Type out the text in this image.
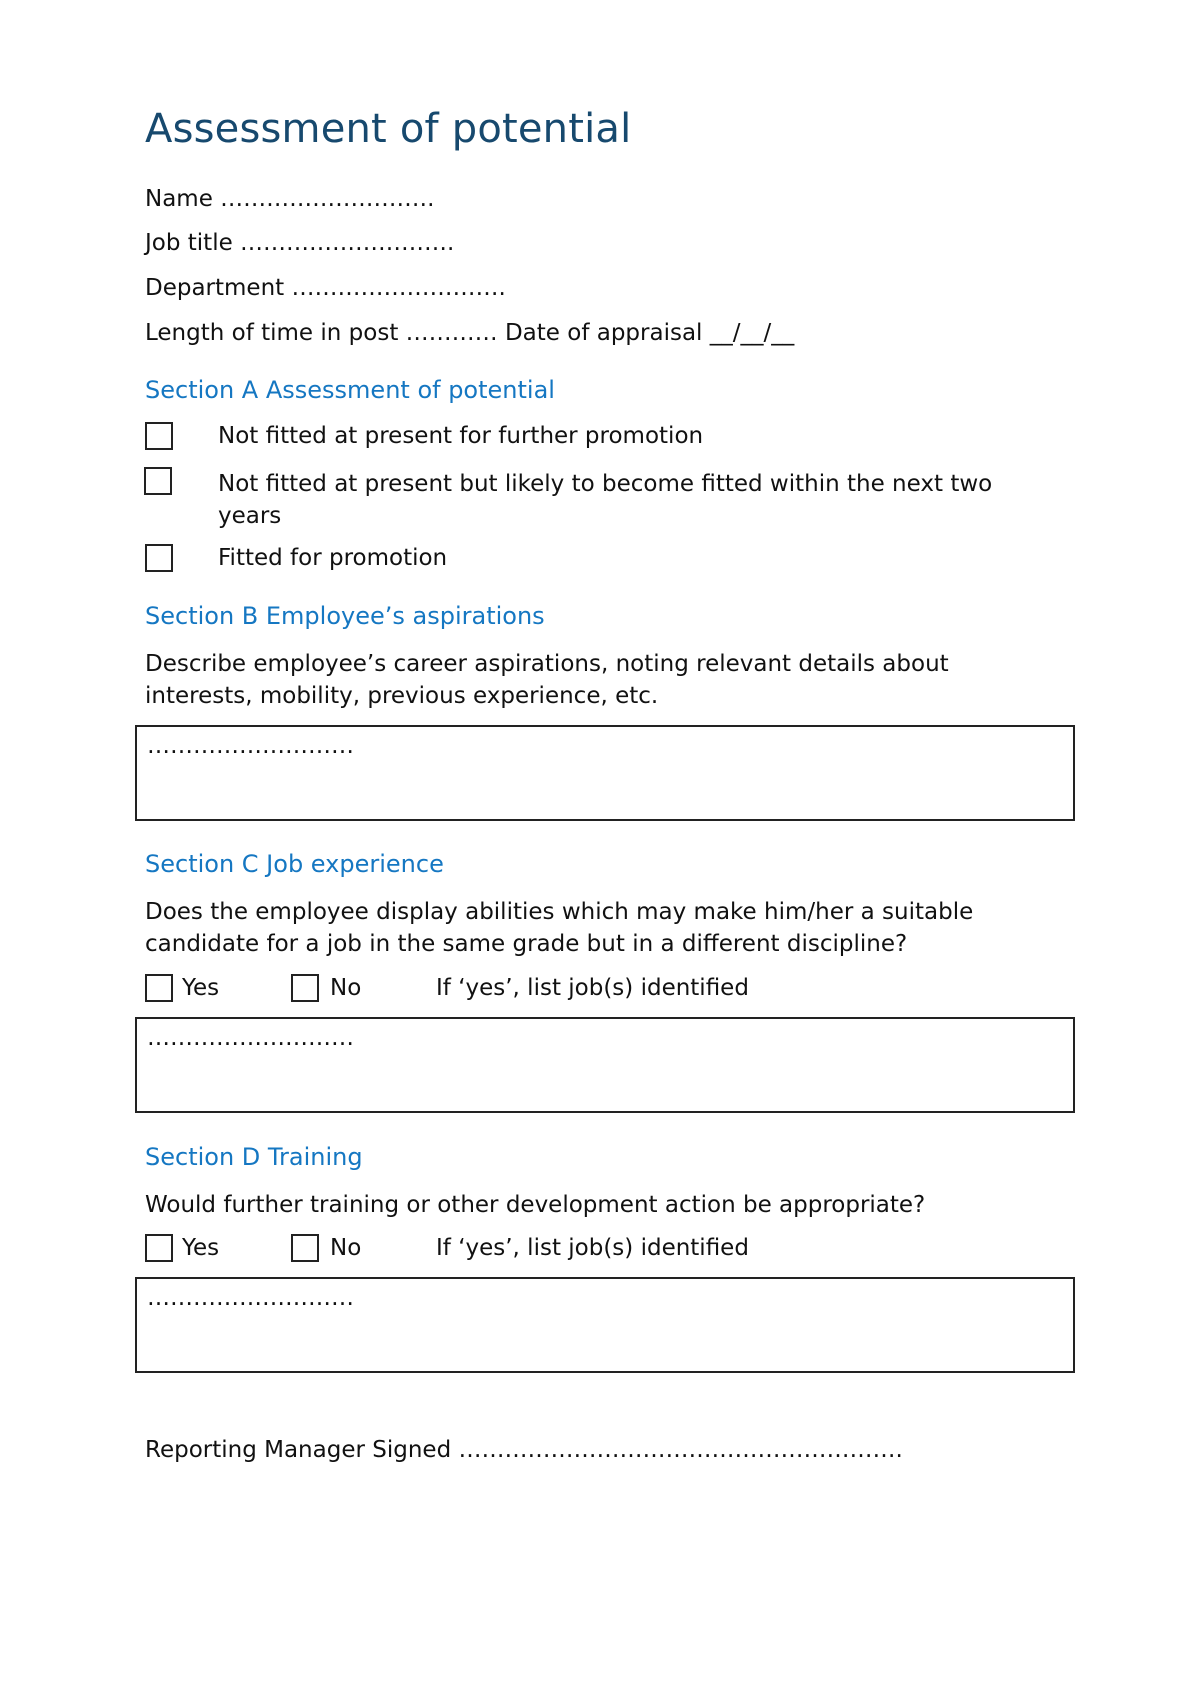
Assessment of potential
Name ……………………….
Job title ……………………….
Department ……………………….
Length of time in post ………… Date of appraisal __/__/__
Section A Assessment of potential
Not fitted at present for further promotion
Not fitted at present but likely to become fitted within the next two years
Fitted for promotion
Section B Employee’s aspirations
Describe employee’s career aspirations, noting relevant details about interests, mobility, previous experience, etc.
………………………
Section C Job experience
Does the employee display abilities which may make him/her a suitable candidate for a job in the same grade but in a different discipline?
Yes	No	If ‘yes’, list job(s) identified
………………………
Section D Training
Would further training or other development action be appropriate?
Yes	No	If ‘yes’, list job(s) identified
………………………
Reporting Manager Signed ………………………………………………….
